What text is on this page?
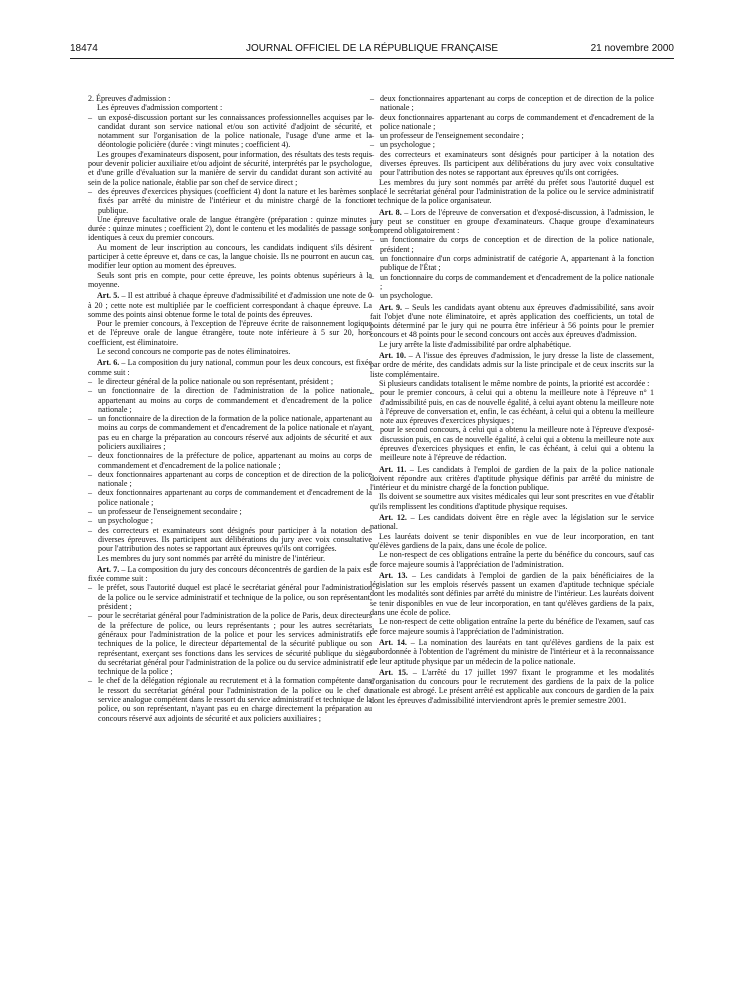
18474	JOURNAL OFFICIEL DE LA RÉPUBLIQUE FRANÇAISE	21 novembre 2000

2. Épreuves d'admission :

Les épreuves d'admission comportent :

– un exposé-discussion portant sur les connaissances professionnelles acquises par le candidat durant son service national et/ou son activité d'adjoint de sécurité, et notamment sur l'organisation de la police nationale, l'usage d'une arme et la déontologie policière (durée : vingt minutes ; coefficient 4).

Les groupes d'examinateurs disposent, pour information, des résultats des tests requis pour devenir policier auxiliaire et/ou adjoint de sécurité, interprétés par le psychologue, et d'une grille d'évaluation sur la manière de servir du candidat durant son activité au sein de la police nationale, établie par son chef de service direct ;

– des épreuves d'exercices physiques (coefficient 4) dont la nature et les barèmes sont fixés par arrêté du ministre de l'intérieur et du ministre chargé de la fonction publique.

Une épreuve facultative orale de langue étrangère (préparation : quinze minutes ; durée : quinze minutes ; coefficient 2), dont le contenu et les modalités de passage sont identiques à ceux du premier concours.

Au moment de leur inscription au concours, les candidats indiquent s'ils désirent participer à cette épreuve et, dans ce cas, la langue choisie. Ils ne pourront en aucun cas modifier leur option au moment des épreuves.

Seuls sont pris en compte, pour cette épreuve, les points obtenus supérieurs à la moyenne.

Art. 5. – Il est attribué à chaque épreuve d'admissibilité et d'admission une note de 0 à 20 ; cette note est multipliée par le coefficient correspondant à chaque épreuve. La somme des points ainsi obtenue forme le total de points des épreuves.

Pour le premier concours, à l'exception de l'épreuve écrite de raisonnement logique et de l'épreuve orale de langue étrangère, toute note inférieure à 5 sur 20, hors coefficient, est éliminatoire.

Le second concours ne comporte pas de notes éliminatoires.

Art. 6. – La composition du jury national, commun pour les deux concours, est fixée comme suit :

– le directeur général de la police nationale ou son représentant, président ;
– un fonctionnaire de la direction de l'administration de la police nationale, appartenant au moins au corps de commandement et d'encadrement de la police nationale ;
– un fonctionnaire de la direction de la formation de la police nationale, appartenant au moins au corps de commandement et d'encadrement de la police nationale et n'ayant pas eu en charge la préparation au concours réservé aux adjoints de sécurité et aux policiers auxiliaires ;
– deux fonctionnaires de la préfecture de police, appartenant au moins au corps de commandement et d'encadrement de la police nationale ;
– deux fonctionnaires appartenant au corps de conception et de direction de la police nationale ;
– deux fonctionnaires appartenant au corps de commandement et d'encadrement de la police nationale ;
– un professeur de l'enseignement secondaire ;
– un psychologue ;
– des correcteurs et examinateurs sont désignés pour participer à la notation des diverses épreuves. Ils participent aux délibérations du jury avec voix consultative pour l'attribution des notes se rapportant aux épreuves qu'ils ont corrigées.

Les membres du jury sont nommés par arrêté du ministre de l'intérieur.

Art. 7. – La composition du jury des concours déconcentrés de gardien de la paix est fixée comme suit :

– le préfet, sous l'autorité duquel est placé le secrétariat général pour l'administration de la police ou le service administratif et technique de la police, ou son représentant, président ;
– pour le secrétariat général pour l'administration de la police de Paris, deux directeurs de la préfecture de police, ou leurs représentants ; pour les autres secrétariats généraux pour l'administration de la police et pour les services administratifs et techniques de la police, le directeur départemental de la sécurité publique ou son représentant, exerçant ses fonctions dans les services de sécurité publique du siège du secrétariat général pour l'administration de la police ou du service administratif et technique de la police ;
– le chef de la délégation régionale au recrutement et à la formation compétente dans le ressort du secrétariat général pour l'administration de la police ou le chef du service analogue compétent dans le ressort du service administratif et technique de la police, ou son représentant, n'ayant pas eu en charge directement la préparation au concours réservé aux adjoints de sécurité et aux policiers auxiliaires ;
– deux fonctionnaires appartenant au corps de conception et de direction de la police nationale ;
– deux fonctionnaires appartenant au corps de commandement et d'encadrement de la police nationale ;
– un professeur de l'enseignement secondaire ;
– un psychologue ;
– des correcteurs et examinateurs sont désignés pour participer à la notation des diverses épreuves. Ils participent aux délibérations du jury avec voix consultative pour l'attribution des notes se rapportant aux épreuves qu'ils ont corrigées.

Les membres du jury sont nommés par arrêté du préfet sous l'autorité duquel est placé le secrétariat général pour l'administration de la police ou le service administratif et technique de la police organisateur.

Art. 8. – Lors de l'épreuve de conversation et d'exposé-discussion, à l'admission, le jury peut se constituer en groupe d'examinateurs. Chaque groupe d'examinateurs comprend obligatoirement :

– un fonctionnaire du corps de conception et de direction de la police nationale, président ;
– un fonctionnaire d'un corps administratif de catégorie A, appartenant à la fonction publique de l'État ;
– un fonctionnaire du corps de commandement et d'encadrement de la police nationale ;
– un psychologue.

Art. 9. – Seuls les candidats ayant obtenu aux épreuves d'admissibilité, sans avoir fait l'objet d'une note éliminatoire, et après application des coefficients, un total de points déterminé par le jury qui ne pourra être inférieur à 56 points pour le premier concours et 48 points pour le second concours ont accès aux épreuves d'admission.

Le jury arrête la liste d'admissibilité par ordre alphabétique.

Art. 10. – A l'issue des épreuves d'admission, le jury dresse la liste de classement, par ordre de mérite, des candidats admis sur la liste principale et de ceux inscrits sur la liste complémentaire.

Si plusieurs candidats totalisent le même nombre de points, la priorité est accordée :

– pour le premier concours, à celui qui a obtenu la meilleure note à l'épreuve n° 1 d'admissibilité puis, en cas de nouvelle égalité, à celui ayant obtenu la meilleure note à l'épreuve de conversation et, enfin, le cas échéant, à celui qui a obtenu la meilleure note aux épreuves d'exercices physiques ;
– pour le second concours, à celui qui a obtenu la meilleure note à l'épreuve d'exposé-discussion puis, en cas de nouvelle égalité, à celui qui a obtenu la meilleure note aux épreuves d'exercices physiques et enfin, le cas échéant, à celui qui a obtenu la meilleure note à l'épreuve de rédaction.

Art. 11. – Les candidats à l'emploi de gardien de la paix de la police nationale doivent répondre aux critères d'aptitude physique définis par arrêté du ministre de l'intérieur et du ministre chargé de la fonction publique.

Ils doivent se soumettre aux visites médicales qui leur sont prescrites en vue d'établir qu'ils remplissent les conditions d'aptitude physique requises.

Art. 12. – Les candidats doivent être en règle avec la législation sur le service national.

Les lauréats doivent se tenir disponibles en vue de leur incorporation, en tant qu'élèves gardiens de la paix, dans une école de police.

Le non-respect de ces obligations entraîne la perte du bénéfice du concours, sauf cas de force majeure soumis à l'appréciation de l'administration.

Art. 13. – Les candidats à l'emploi de gardien de la paix bénéficiaires de la législation sur les emplois réservés passent un examen d'aptitude technique spéciale dont les modalités sont définies par arrêté du ministre de l'intérieur. Les lauréats doivent se tenir disponibles en vue de leur incorporation, en tant qu'élèves gardiens de la paix, dans une école de police.

Le non-respect de cette obligation entraîne la perte du bénéfice de l'examen, sauf cas de force majeure soumis à l'appréciation de l'administration.

Art. 14. – La nomination des lauréats en tant qu'élèves gardiens de la paix est subordonnée à l'obtention de l'agrément du ministre de l'intérieur et à la reconnaissance de leur aptitude physique par un médecin de la police nationale.

Art. 15. – L'arrêté du 17 juillet 1997 fixant le programme et les modalités d'organisation du concours pour le recrutement des gardiens de la paix de la police nationale est abrogé. Le présent arrêté est applicable aux concours de gardien de la paix dont les épreuves d'admissibilité interviendront après le premier semestre 2001.
